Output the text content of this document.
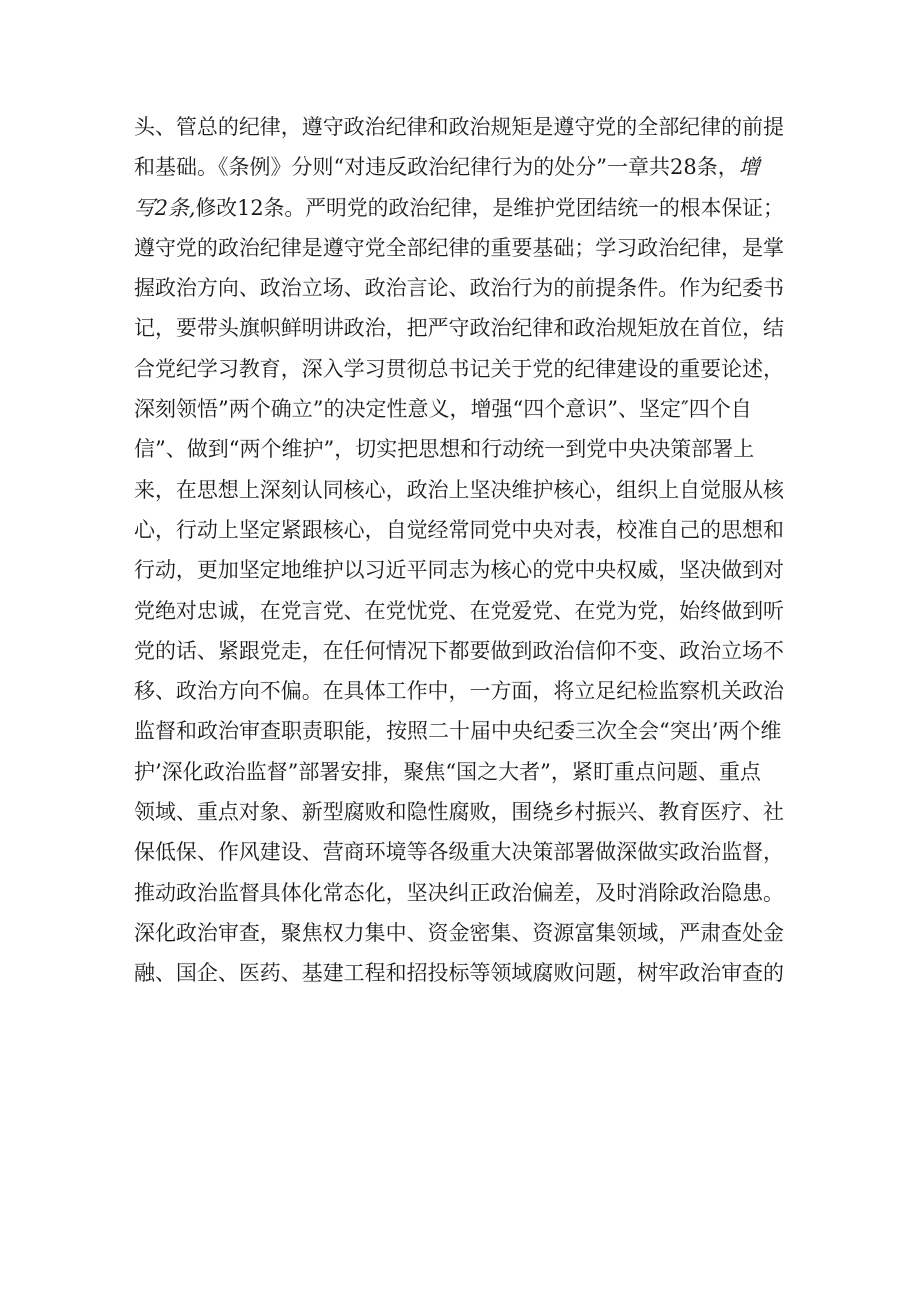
头、管总的纪律，遵守政治纪律和政治规矩是遵守党的全部纪律的前提
和基础。《条例》分则“对违反政治纪律行为的处分”一章共28条，增
写2条,修改12条。严明党的政治纪律，是维护党团结统一的根本保证；
遵守党的政治纪律是遵守党全部纪律的重要基础；学习政治纪律，是掌
握政治方向、政治立场、政治言论、政治行为的前提条件。作为纪委书
记，要带头旗帜鲜明讲政治，把严守政治纪律和政治规矩放在首位，结
合党纪学习教育，深入学习贯彻总书记关于党的纪律建设的重要论述，
深刻领悟”两个确立”的决定性意义，增强“四个意识”、坚定″四个自
信”、做到“两个维护”，切实把思想和行动统一到党中央决策部署上
来，在思想上深刻认同核心，政治上坚决维护核心，组织上自觉服从核
心，行动上坚定紧跟核心，自觉经常同党中央对表，校准自己的思想和
行动，更加坚定地维护以习近平同志为核心的党中央权威，坚决做到对
党绝对忠诚，在党言党、在党忧党、在党爱党、在党为党，始终做到听
党的话、紧跟党走，在任何情况下都要做到政治信仰不变、政治立场不
移、政治方向不偏。在具体工作中，一方面，将立足纪检监察机关政治
监督和政治审查职责职能，按照二十届中央纪委三次全会“突出’两个维
护’深化政治监督”部署安排，聚焦“国之大者”，紧盯重点问题、重点
领域、重点对象、新型腐败和隐性腐败，围绕乡村振兴、教育医疗、社
保低保、作风建设、营商环境等各级重大决策部署做深做实政治监督，
推动政治监督具体化常态化，坚决纠正政治偏差，及时消除政治隐患。
深化政治审查，聚焦权力集中、资金密集、资源富集领域，严肃查处金
融、国企、医药、基建工程和招投标等领域腐败问题，树牢政治审查的
